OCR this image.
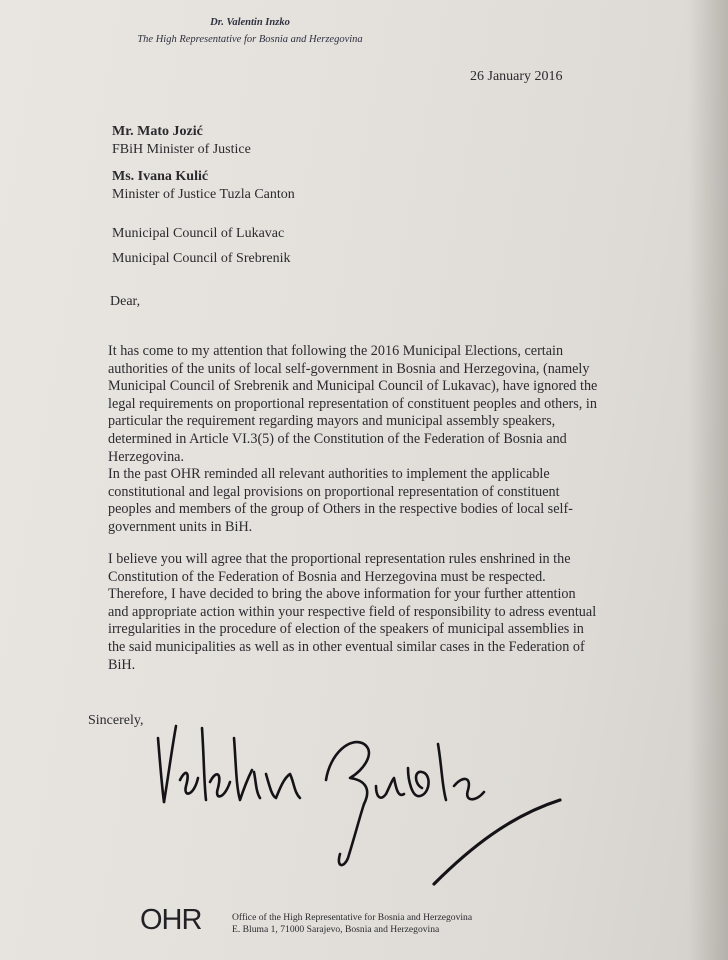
Dr. Valentin Inzko
The High Representative for Bosnia and Herzegovina
26 January 2016
Mr. Mato Jozić
FBiH Minister of Justice
Ms. Ivana Kulić
Minister of Justice Tuzla Canton
Municipal Council of Lukavac
Municipal Council of Srebrenik
Dear,
It has come to my attention that following the 2016 Municipal Elections, certain
authorities of the units of local self-government in Bosnia and Herzegovina, (namely
Municipal Council of Srebrenik and Municipal Council of Lukavac), have ignored the
legal requirements on proportional representation of constituent peoples and others, in
particular the requirement regarding mayors and municipal assembly speakers,
determined in Article VI.3(5) of the Constitution of the Federation of Bosnia and
Herzegovina.
In the past OHR reminded all relevant authorities to implement the applicable
constitutional and legal provisions on proportional representation of constituent
peoples and members of the group of Others in the respective bodies of local self-
government units in BiH.
I believe you will agree that the proportional representation rules enshrined in the
Constitution of the Federation of Bosnia and Herzegovina must be respected.
Therefore, I have decided to bring the above information for your further attention
and appropriate action within your respective field of responsibility to adress eventual
irregularities in the procedure of election of the speakers of municipal assemblies in
the said municipalities as well as in other eventual similar cases in the Federation of
BiH.
Sincerely,
OHR	Office of the High Representative for Bosnia and Herzegovina
E. Bluma 1, 71000 Sarajevo, Bosnia and Herzegovina
